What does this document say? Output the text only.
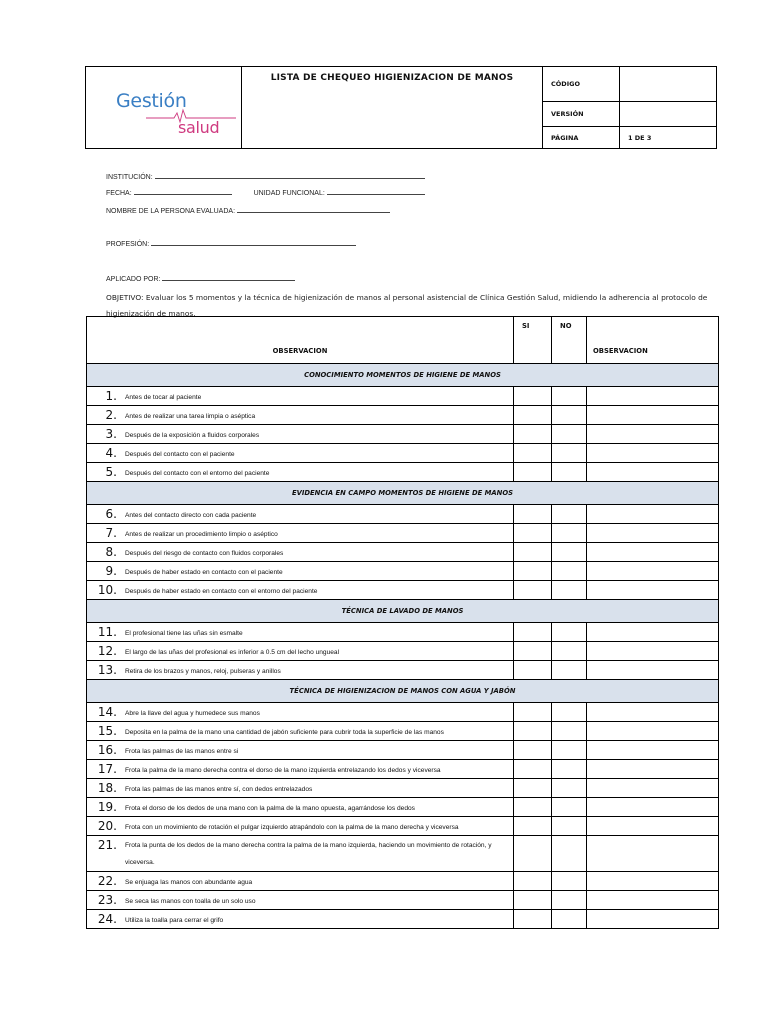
Gestión
salud	LISTA DE CHEQUEO HIGIENIZACION DE MANOS	CÓDIGO	
		VERSIÓN	
		PÁGINA	1 DE 3
INSTITUCIÓN:
FECHA:	UNIDAD FUNCIONAL:
NOMBRE DE LA PERSONA EVALUADA:
PROFESIÓN:
APLICADO POR:
OBJETIVO: Evaluar los 5 momentos y la técnica de higienización de manos al personal asistencial de Clínica Gestión Salud, midiendo la adherencia al protocolo de higienización de manos.
OBSERVACION	SI	NO	OBSERVACION
CONOCIMIENTO MOMENTOS DE HIGIENE DE MANOS			
1. Antes de tocar al paciente			
2. Antes de realizar una tarea limpia o aséptica			
3. Después de la exposición a fluidos corporales			
4. Después del contacto con el paciente			
5. Después del contacto con el entorno del paciente			
EVIDENCIA EN CAMPO MOMENTOS DE HIGIENE DE MANOS			
6. Antes del contacto directo con cada paciente			
7. Antes de realizar un procedimiento limpio o aséptico			
8. Después del riesgo de contacto con fluidos corporales			
9. Después de haber estado en contacto con el paciente			
10. Después de haber estado en contacto con el entorno del paciente			
TÉCNICA DE LAVADO DE MANOS			
11. El profesional tiene las uñas sin esmalte			
12. El largo de las uñas del profesional es inferior a 0.5 cm del lecho ungueal			
13. Retira de los brazos y manos, reloj, pulseras y anillos			
TÉCNICA DE HIGIENIZACION DE MANOS CON AGUA Y JABÓN			
14. Abre la llave del agua y humedece sus manos			
15. Deposita en la palma de la mano una cantidad de jabón suficiente para cubrir toda la superficie de las manos			
16. Frota las palmas de las manos entre si			
17. Frota la palma de la mano derecha contra el dorso de la mano izquierda entrelazando los dedos y viceversa			
18. Frota las palmas de las manos entre sí, con dedos entrelazados			
19. Frota el dorso de los dedos de una mano con la palma de la mano opuesta, agarrándose los dedos			
20. Frota con un movimiento de rotación el pulgar izquierdo atrapándolo con la palma de la mano derecha y viceversa			
21. Frota la punta de los dedos de la mano derecha contra la palma de la mano izquierda, haciendo un movimiento de rotación, y viceversa.			
22. Se enjuaga las manos con abundante agua			
23. Se seca las manos con toalla de un solo uso			
24. Utiliza la toalla para cerrar el grifo			
